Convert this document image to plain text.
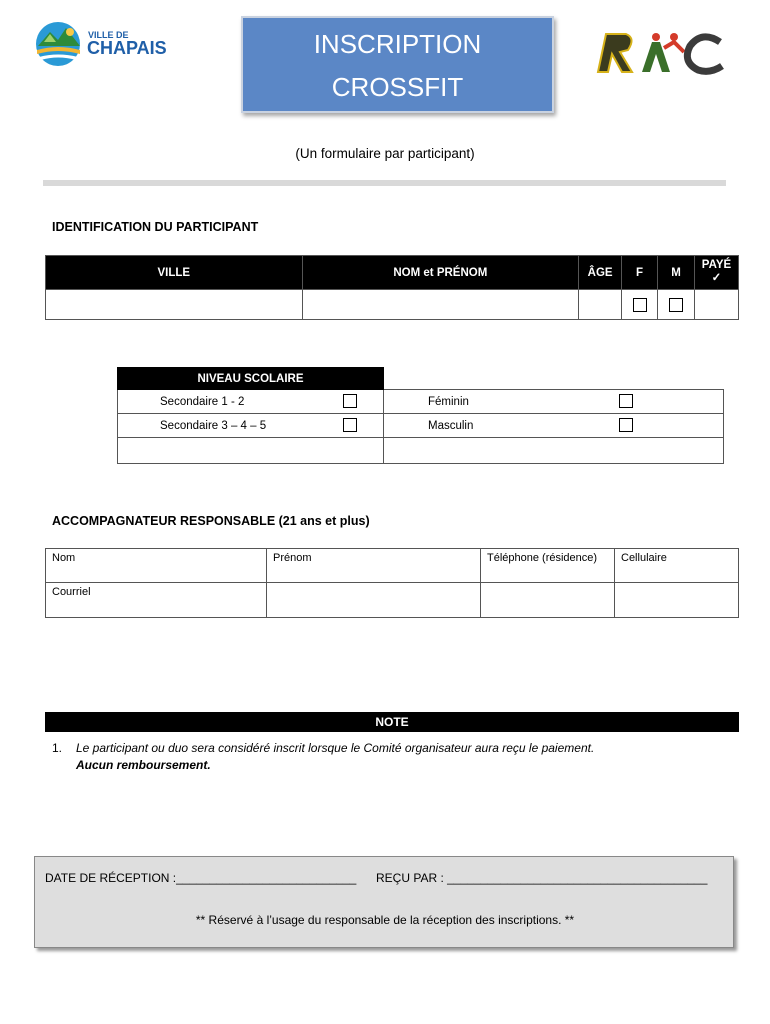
VILLE DE
CHAPAIS	INSCRIPTION
CROSSFIT
(Un formulaire par participant)
IDENTIFICATION DU PARTICIPANT
VILLE	NOM et PRÉNOM	ÂGE	F	M	PAYÉ
✓

NIVEAU SCOLAIRE	
Secondaire 1 - 2	Féminin

Secondaire 3 – 4 – 5	Masculin

ACCOMPAGNATEUR RESPONSABLE (21 ans et plus)
Nom	Prénom	Téléphone (résidence)	Cellulaire
Courriel			
NOTE
1.	Le participant ou duo sera considéré inscrit lorsque le Comité organisateur aura reçu le paiement.
Aucun remboursement.
DATE DE RÉCEPTION :___________________________ REÇU PAR : _______________________________________
** Réservé à l’usage du responsable de la réception des inscriptions. **
